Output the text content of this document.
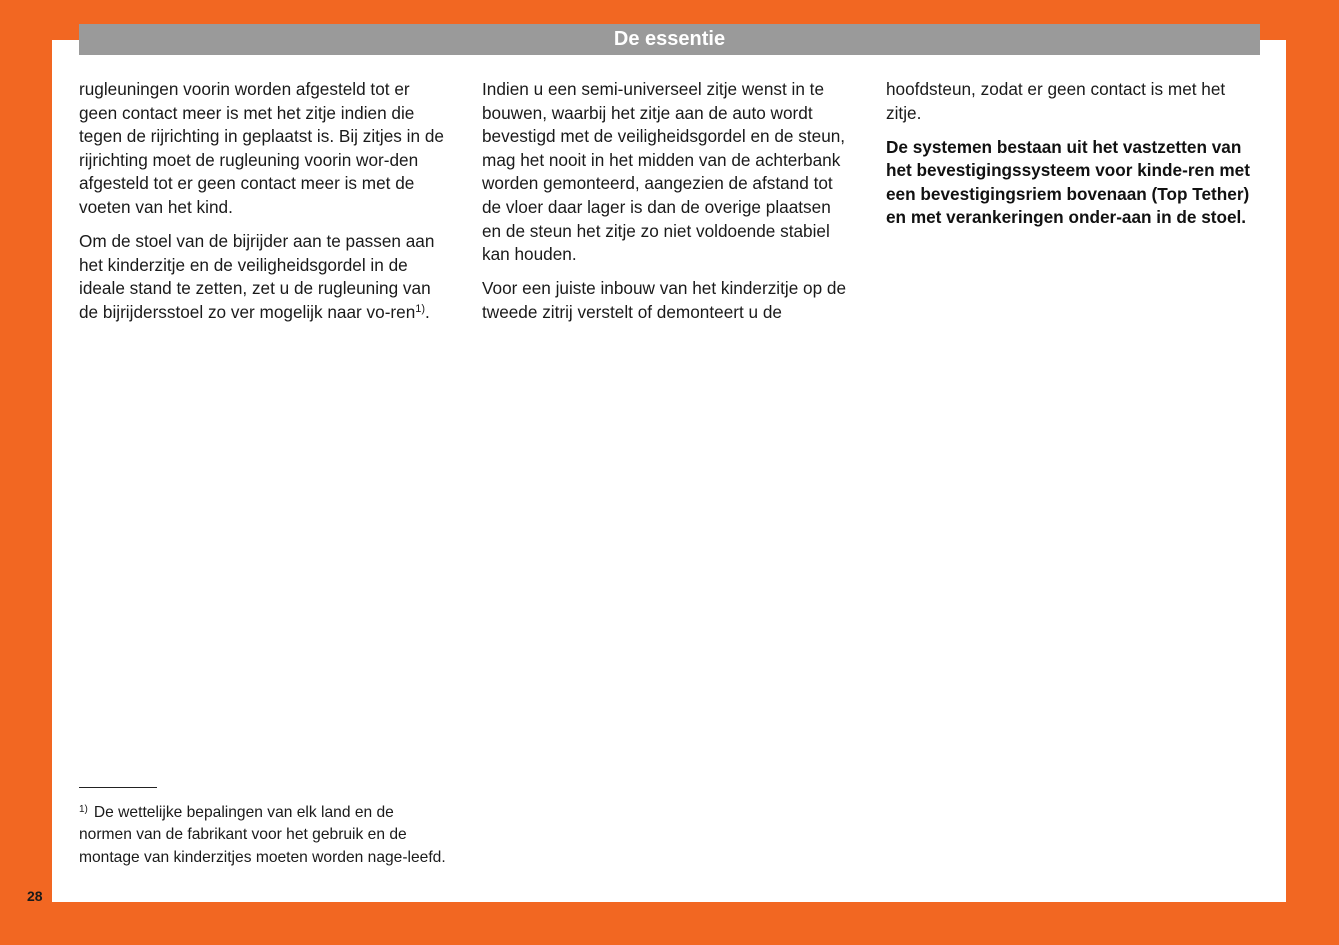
De essentie

rugleuningen voorin worden afgesteld tot er geen contact meer is met het zitje indien die tegen de rijrichting in geplaatst is. Bij zitjes in de rijrichting moet de rugleuning voorin wor-den afgesteld tot er geen contact meer is met de voeten van het kind.

Om de stoel van de bijrijder aan te passen aan het kinderzitje en de veiligheidsgordel in de ideale stand te zetten, zet u de rugleuning van de bijrijdersstoel zo ver mogelijk naar vo-ren$^{1)}$.

Indien u een semi-universeel zitje wenst in te bouwen, waarbij het zitje aan de auto wordt bevestigd met de veiligheidsgordel en de steun, mag het nooit in het midden van de achterbank worden gemonteerd, aangezien de afstand tot de vloer daar lager is dan de overige plaatsen en de steun het zitje zo niet voldoende stabiel kan houden.

Voor een juiste inbouw van het kinderzitje op de tweede zitrij verstelt of demonteert u de

hoofdsteun, zodat er geen contact is met het zitje.

De systemen bestaan uit het vastzetten van het bevestigingssysteem voor kinde-ren met een bevestigingsriem bovenaan (Top Tether) en met verankeringen onder-aan in de stoel.

$^{1)}$ De wettelijke bepalingen van elk land en de normen van de fabrikant voor het gebruik en de montage van kinderzitjes moeten worden nage-leefd.
28
